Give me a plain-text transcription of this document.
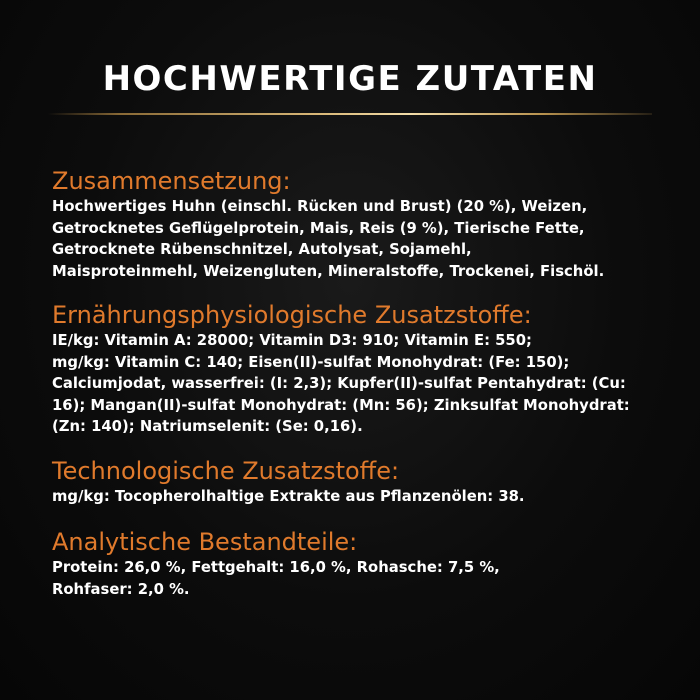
HOCHWERTIGE ZUTATEN
Zusammensetzung:

Hochwertiges Huhn (einschl. Rücken und Brust) (20 %), Weizen,
Getrocknetes Geflügelprotein, Mais, Reis (9 %), Tierische Fette,
Getrocknete Rübenschnitzel, Autolysat, Sojamehl,
Maisproteinmehl, Weizengluten, Mineralstoffe, Trockenei, Fischöl.

Ernährungsphysiologische Zusatzstoffe:

IE/kg: Vitamin A: 28000; Vitamin D3: 910; Vitamin E: 550;
mg/kg: Vitamin C: 140; Eisen(II)-sulfat Monohydrat: (Fe: 150);
Calciumjodat, wasserfrei: (I: 2,3); Kupfer(II)-sulfat Pentahydrat: (Cu:
16); Mangan(II)-sulfat Monohydrat: (Mn: 56); Zinksulfat Monohydrat:
(Zn: 140); Natriumselenit: (Se: 0,16).

Technologische Zusatzstoffe:

mg/kg: Tocopherolhaltige Extrakte aus Pflanzenölen: 38.

Analytische Bestandteile:

Protein: 26,0 %, Fettgehalt: 16,0 %, Rohasche: 7,5 %,
Rohfaser: 2,0 %.
